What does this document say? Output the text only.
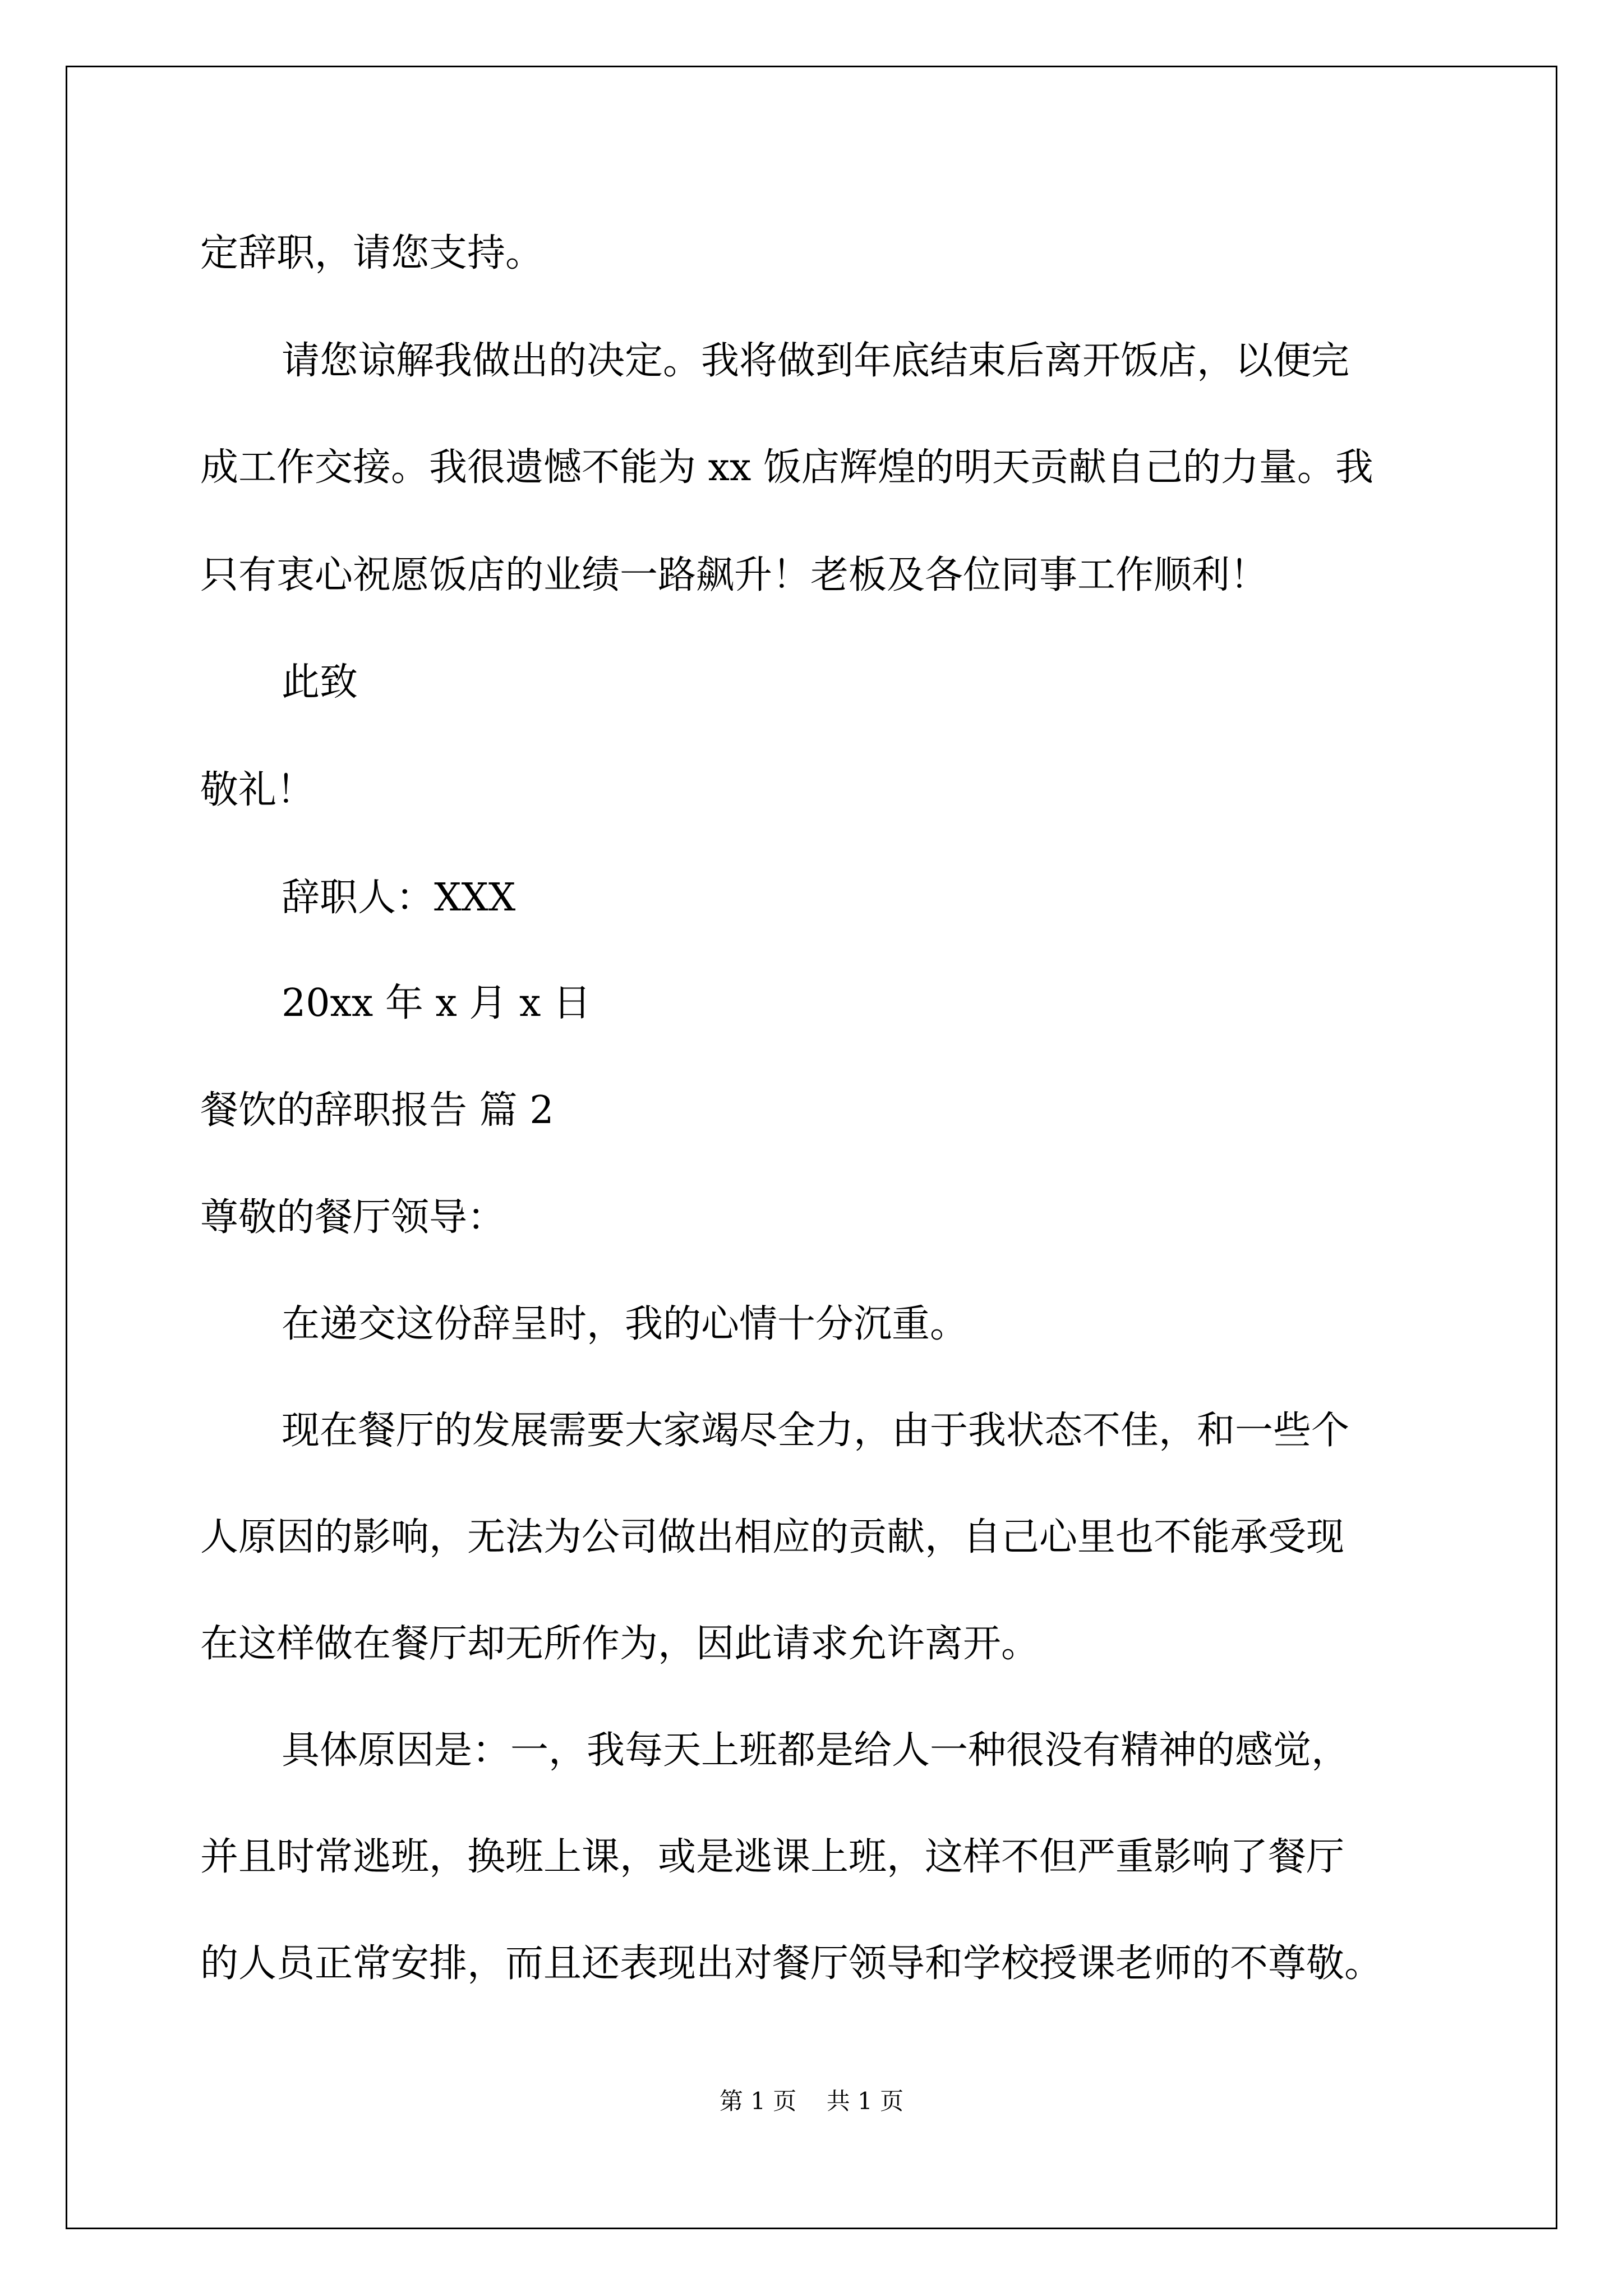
定辞职，请您支持。

请您谅解我做出的决定。我将做到年底结束后离开饭店，以便完

成工作交接。我很遗憾不能为 xx 饭店辉煌的明天贡献自己的力量。我

只有衷心祝愿饭店的业绩一路飙升！老板及各位同事工作顺利！

此致

敬礼！

辞职人：XXX

20xx 年 x 月 x 日

餐饮的辞职报告 篇 2

尊敬的餐厅领导：

在递交这份辞呈时，我的心情十分沉重。

现在餐厅的发展需要大家竭尽全力，由于我状态不佳，和一些个

人原因的影响，无法为公司做出相应的贡献，自己心里也不能承受现

在这样做在餐厅却无所作为，因此请求允许离开。

具体原因是：一，我每天上班都是给人一种很没有精神的感觉，

并且时常逃班，换班上课，或是逃课上班，这样不但严重影响了餐厅

的人员正常安排，而且还表现出对餐厅领导和学校授课老师的不尊敬。

第 1 页    共 1 页
